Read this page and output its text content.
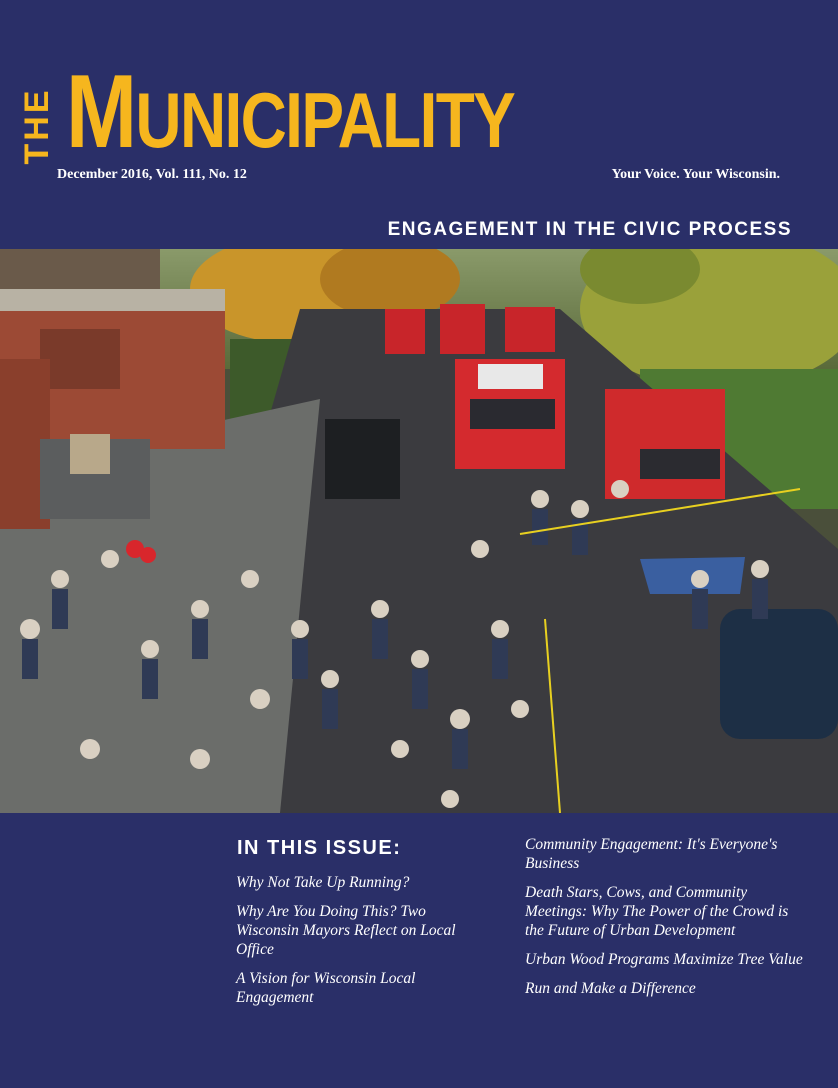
THE MUNICIPALITY
December 2016, Vol. 111, No. 12	Your Voice. Your Wisconsin.
ENGAGEMENT IN THE CIVIC PROCESS
IN THIS ISSUE:
Why Not Take Up Running?
Why Are You Doing This? Two Wisconsin Mayors Reflect on Local Office
A Vision for Wisconsin Local Engagement
Community Engagement: It's Everyone's Business
Death Stars, Cows, and Community Meetings: Why The Power of the Crowd is the Future of Urban Development
Urban Wood Programs Maximize Tree Value
Run and Make a Difference
